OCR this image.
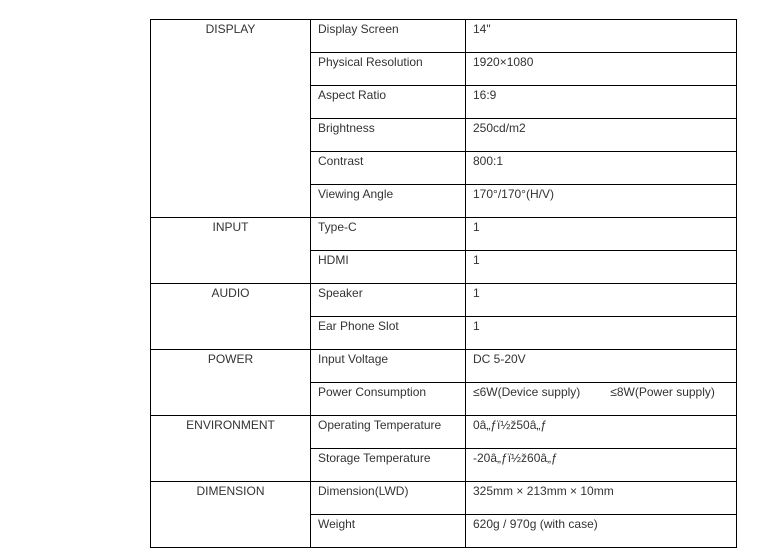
DISPLAY	Display Screen	14"
	Physical Resolution	1920×1080
	Aspect Ratio	16:9
	Brightness	250cd/m2
	Contrast	800:1
	Viewing Angle	170°/170°(H/V)
INPUT	Type-C	1
	HDMI	1
AUDIO	Speaker	1
	Ear Phone Slot	1
POWER	Input Voltage	DC 5-20V
	Power Consumption	≤6W(Device supply) ≤8W(Power supply)
ENVIRONMENT	Operating Temperature	0â„ƒï½ž50â„ƒ
	Storage Temperature	-20â„ƒï½ž60â„ƒ
DIMENSION	Dimension(LWD)	325mm × 213mm × 10mm
	Weight	620g / 970g (with case)
